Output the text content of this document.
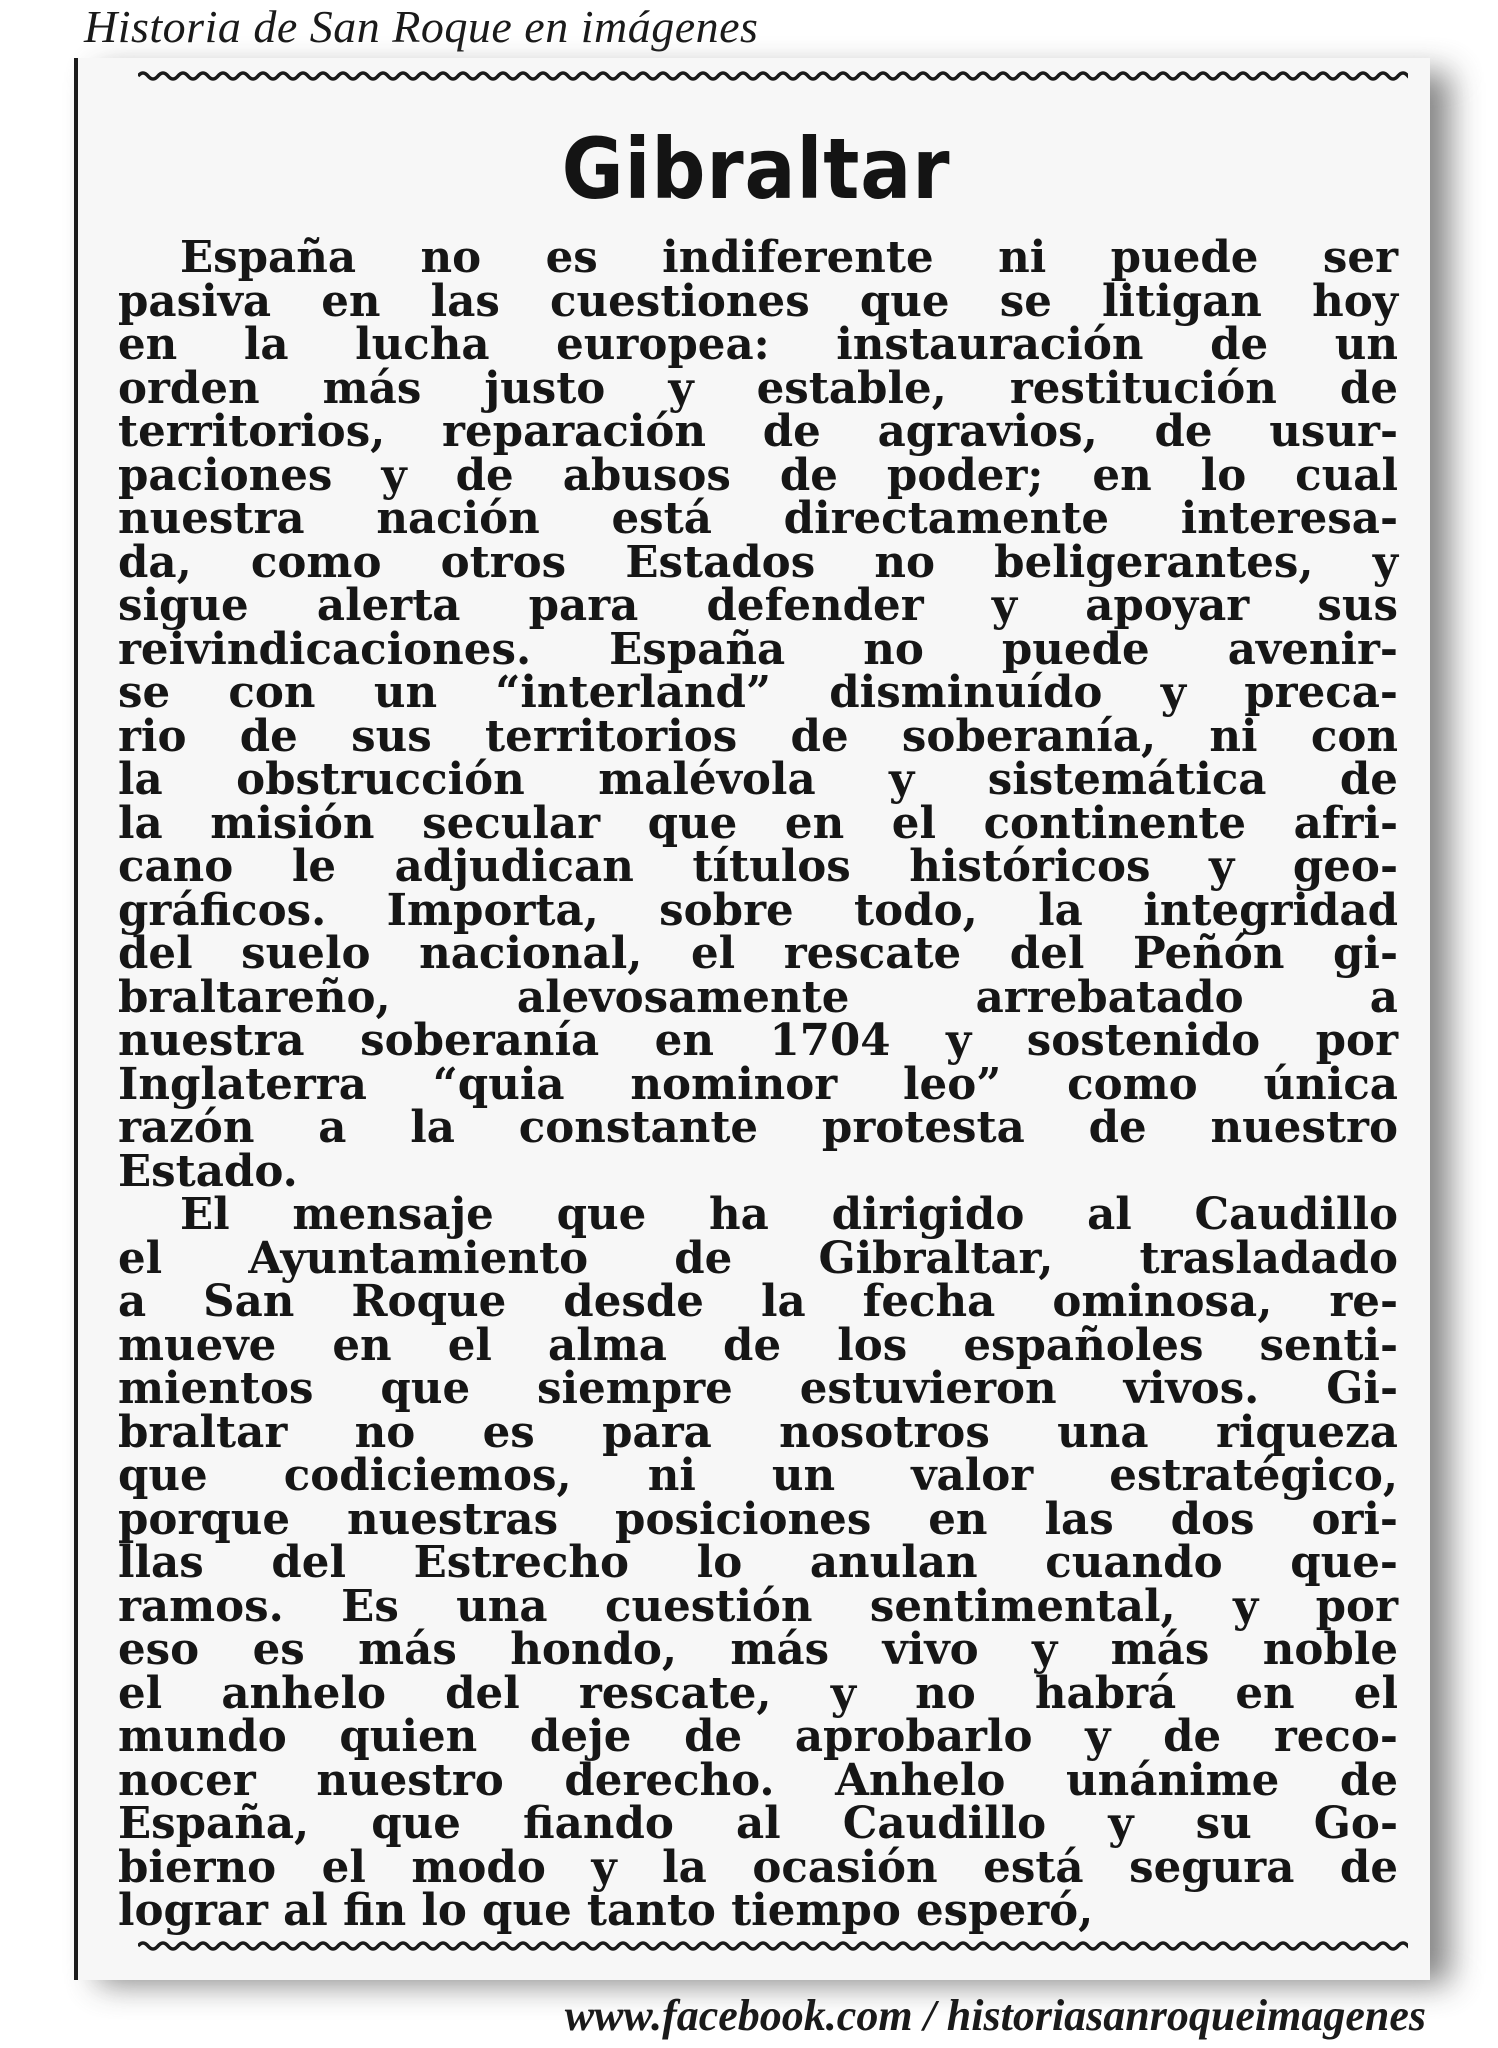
Historia de San Roque en imágenes
Gibraltar
España no es indiferente ni puede ser
pasiva en las cuestiones que se litigan hoy
en la lucha europea: instauración de un
orden más justo y estable, restitución de
territorios, reparación de agravios, de usur-
paciones y de abusos de poder; en lo cual
nuestra nación está directamente interesa-
da, como otros Estados no beligerantes, y
sigue alerta para defender y apoyar sus
reivindicaciones. España no puede avenir-
se con un “interland” disminuído y preca-
rio de sus territorios de soberanía, ni con
la obstrucción malévola y sistemática de
la misión secular que en el continente afri-
cano le adjudican títulos históricos y geo-
gráficos. Importa, sobre todo, la integridad
del suelo nacional, el rescate del Peñón gi-
braltareño, alevosamente arrebatado a
nuestra soberanía en 1704 y sostenido por
Inglaterra “quia nominor leo” como única
razón a la constante protesta de nuestro
Estado.
El mensaje que ha dirigido al Caudillo
el Ayuntamiento de Gibraltar, trasladado
a San Roque desde la fecha ominosa, re-
mueve en el alma de los españoles senti-
mientos que siempre estuvieron vivos. Gi-
braltar no es para nosotros una riqueza
que codiciemos, ni un valor estratégico,
porque nuestras posiciones en las dos ori-
llas del Estrecho lo anulan cuando que-
ramos. Es una cuestión sentimental, y por
eso es más hondo, más vivo y más noble
el anhelo del rescate, y no habrá en el
mundo quien deje de aprobarlo y de reco-
nocer nuestro derecho. Anhelo unánime de
España, que fiando al Caudillo y su Go-
bierno el modo y la ocasión está segura de
lograr al fin lo que tanto tiempo esperó,
www.facebook.com / historiasanroqueimagenes
